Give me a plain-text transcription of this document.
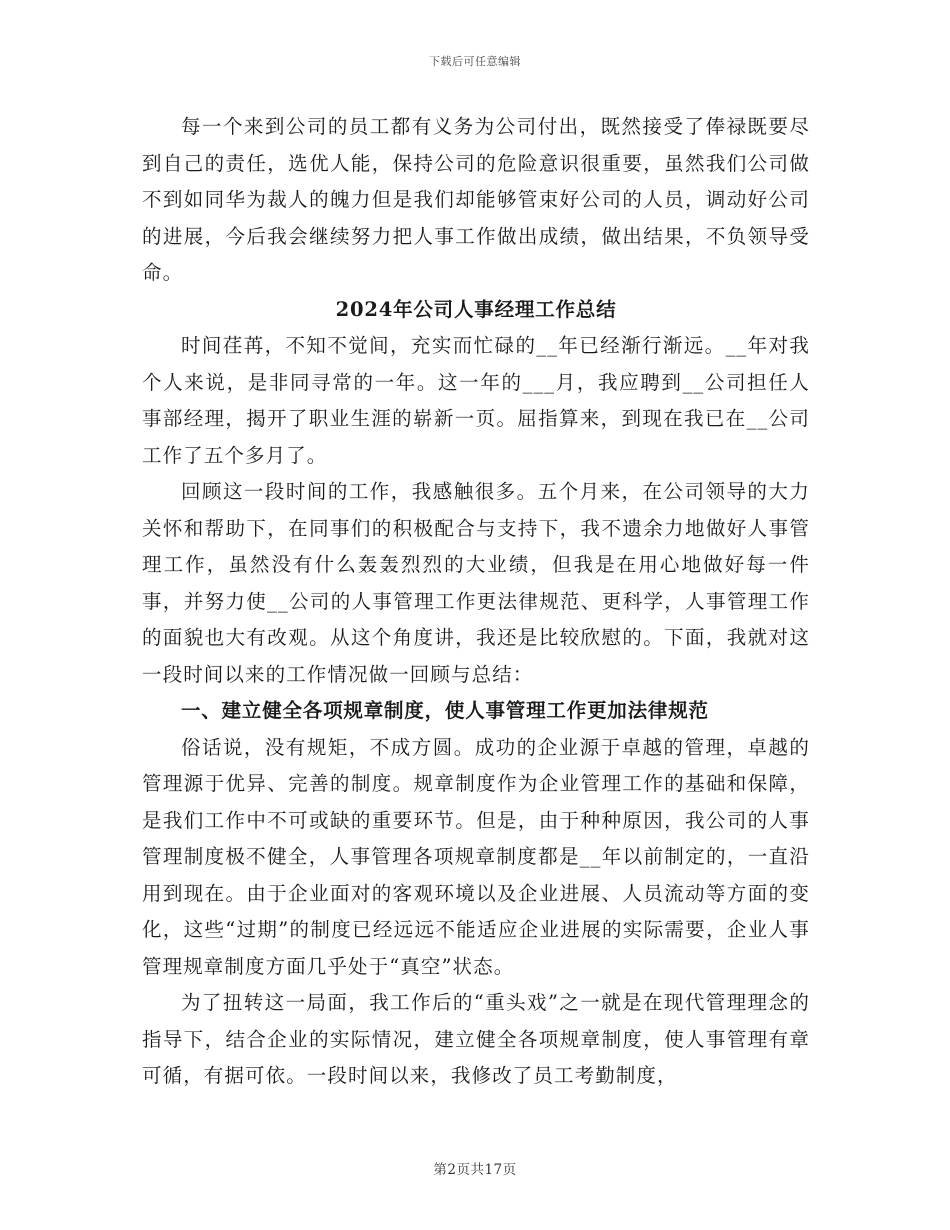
下载后可任意编辑

每一个来到公司的员工都有义务为公司付出，既然接受了俸禄既要尽到自己的责任，选优人能，保持公司的危险意识很重要，虽然我们公司做不到如同华为裁人的魄力但是我们却能够管束好公司的人员，调动好公司的进展，今后我会继续努力把人事工作做出成绩，做出结果，不负领导受命。

2024年公司人事经理工作总结

时间荏苒，不知不觉间，充实而忙碌的__年已经渐行渐远。__年对我个人来说，是非同寻常的一年。这一年的___月，我应聘到__公司担任人事部经理，揭开了职业生涯的崭新一页。屈指算来，到现在我已在__公司工作了五个多月了。

回顾这一段时间的工作，我感触很多。五个月来，在公司领导的大力关怀和帮助下，在同事们的积极配合与支持下，我不遗余力地做好人事管理工作，虽然没有什么轰轰烈烈的大业绩，但我是在用心地做好每一件事，并努力使__公司的人事管理工作更法律规范、更科学，人事管理工作的面貌也大有改观。从这个角度讲，我还是比较欣慰的。下面，我就对这一段时间以来的工作情况做一回顾与总结：

一、建立健全各项规章制度，使人事管理工作更加法律规范

俗话说，没有规矩，不成方圆。成功的企业源于卓越的管理，卓越的管理源于优异、完善的制度。规章制度作为企业管理工作的基础和保障，是我们工作中不可或缺的重要环节。但是，由于种种原因，我公司的人事管理制度极不健全，人事管理各项规章制度都是__年以前制定的，一直沿用到现在。由于企业面对的客观环境以及企业进展、人员流动等方面的变化，这些“过期”的制度已经远远不能适应企业进展的实际需要，企业人事管理规章制度方面几乎处于“真空”状态。

为了扭转这一局面，我工作后的“重头戏”之一就是在现代管理理念的指导下，结合企业的实际情况，建立健全各项规章制度，使人事管理有章可循，有据可依。一段时间以来，我修改了员工考勤制度，

第2页共17页
